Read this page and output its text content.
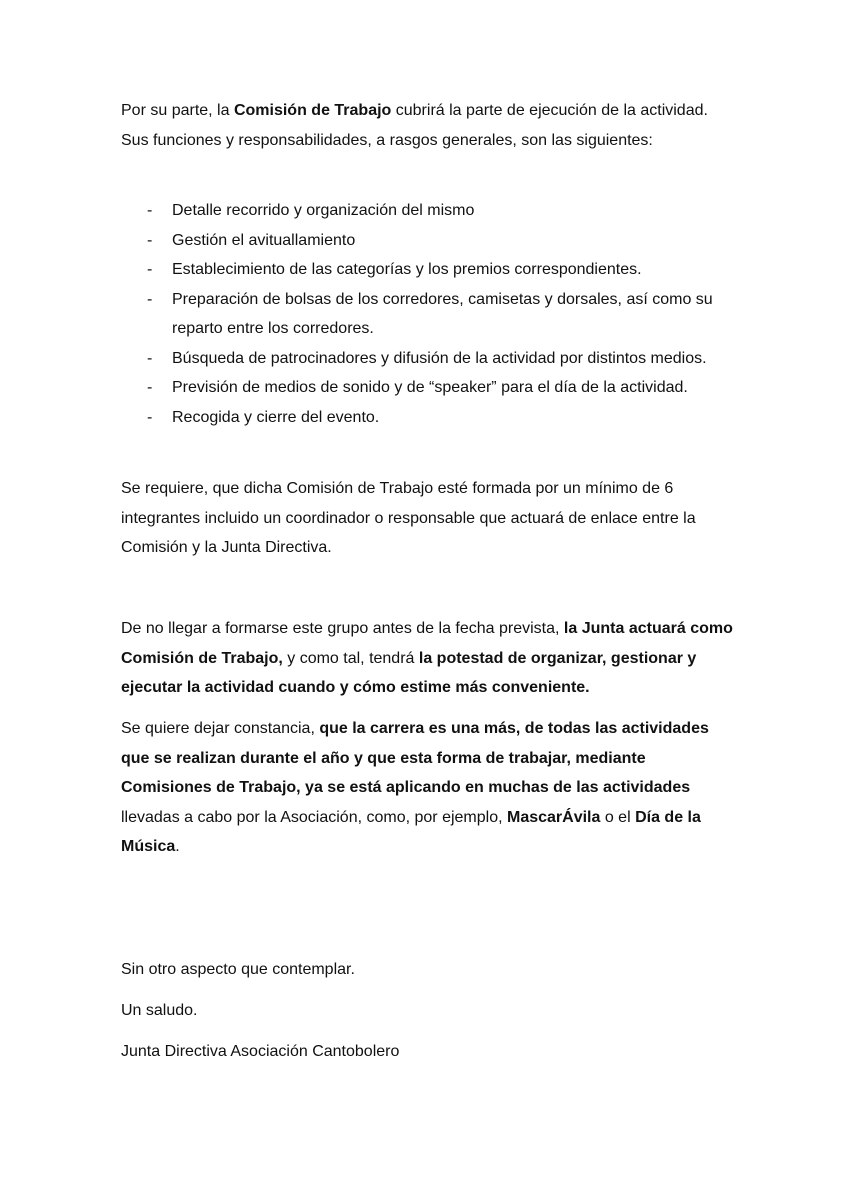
Por su parte, la Comisión de Trabajo cubrirá la parte de ejecución de la actividad. Sus funciones y responsabilidades, a rasgos generales, son las siguientes:

- Detalle recorrido y organización del mismo
- Gestión el avituallamiento
- Establecimiento de las categorías y los premios correspondientes.
- Preparación de bolsas de los corredores, camisetas y dorsales, así como su reparto entre los corredores.
- Búsqueda de patrocinadores y difusión de la actividad por distintos medios.
- Previsión de medios de sonido y de “speaker” para el día de la actividad.
- Recogida y cierre del evento.

Se requiere, que dicha Comisión de Trabajo esté formada por un mínimo de 6 integrantes incluido un coordinador o responsable que actuará de enlace entre la Comisión y la Junta Directiva.

De no llegar a formarse este grupo antes de la fecha prevista, la Junta actuará como Comisión de Trabajo, y como tal, tendrá la potestad de organizar, gestionar y ejecutar la actividad cuando y cómo estime más conveniente.

Se quiere dejar constancia, que la carrera es una más, de todas las actividades que se realizan durante el año y que esta forma de trabajar, mediante Comisiones de Trabajo, ya se está aplicando en muchas de las actividades llevadas a cabo por la Asociación, como, por ejemplo, MascarÁvila o el Día de la Música.

Sin otro aspecto que contemplar.

Un saludo.

Junta Directiva Asociación Cantobolero
